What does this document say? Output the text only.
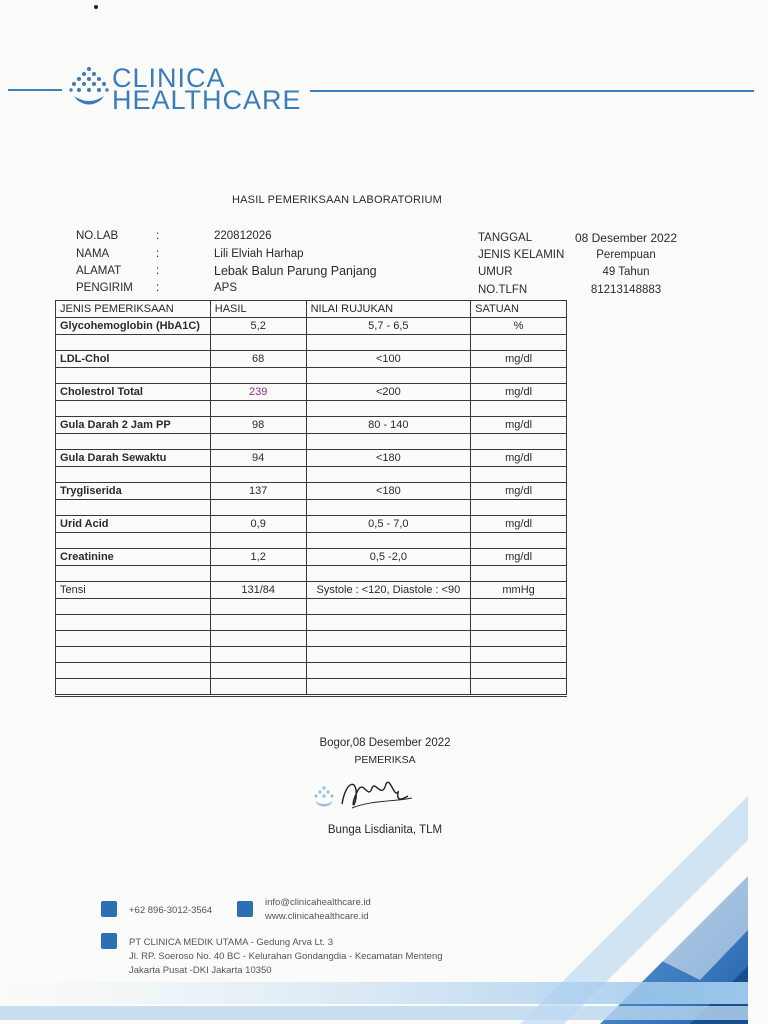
CLINICA
HEALTHCARE
HASIL PEMERIKSAAN LABORATORIUM
NO.LAB	:	220812026
NAMA	:	Lili Elviah Harhap
ALAMAT	:	Lebak Balun Parung Panjang
PENGIRIM	:	APS
TANGGAL	08 Desember 2022
JENIS KELAMIN	Perempuan
UMUR	49 Tahun
NO.TLFN	81213148883
JENIS PEMERIKSAAN	HASIL	NILAI RUJUKAN	SATUAN
Glycohemoglobin (HbA1C)	5,2	5,7 - 6,5	%

LDL-Chol	68	<100	mg/dl

Cholestrol Total	239	<200	mg/dl

Gula Darah 2 Jam PP	98	80 - 140	mg/dl

Gula Darah Sewaktu	94	<180	mg/dl

Trygliserida	137	<180	mg/dl

Urid Acid	0,9	0,5 - 7,0	mg/dl

Creatinine	1,2	0,5 -2,0	mg/dl

Tensi	131/84	Systole : <120, Diastole : <90	mmHg

Bogor,08 Desember 2022
PEMERIKSA
Bunga Lisdianita, TLM
+62 896-3012-3564
info@clinicahealthcare.id
www.clinicahealthcare.id
PT CLINICA MEDIK UTAMA - Gedung Arva Lt. 3
Jl. RP. Soeroso No. 40 BC - Kelurahan Gondangdia - Kecamatan Menteng
Jakarta Pusat -DKI Jakarta 10350
